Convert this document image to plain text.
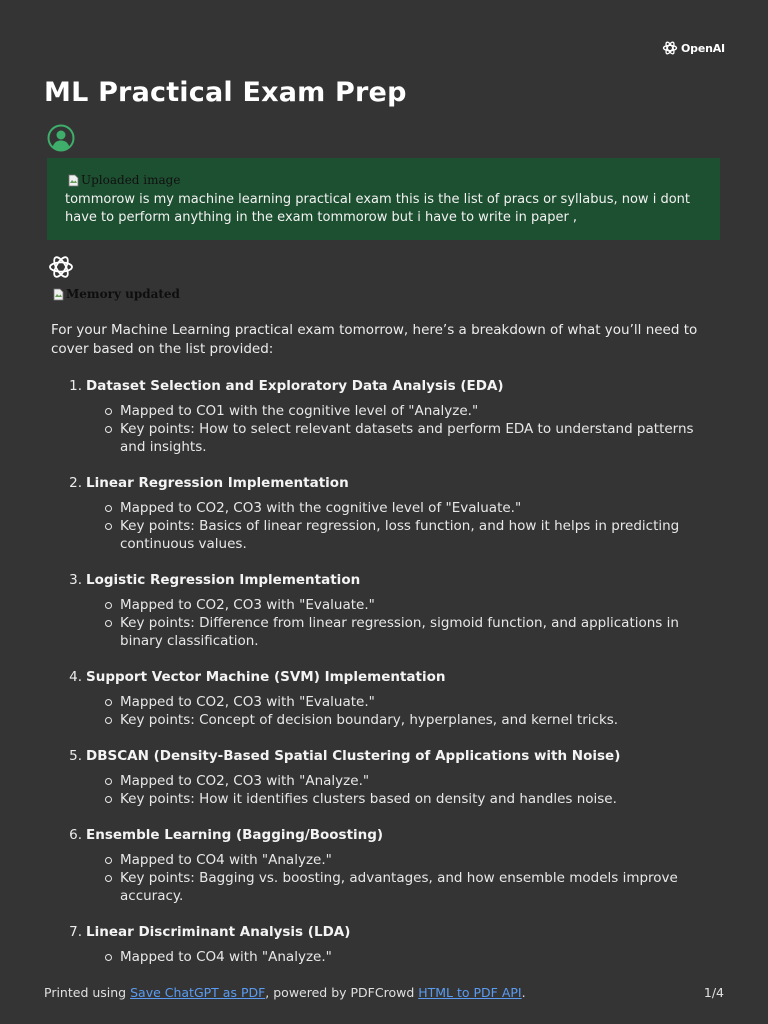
OpenAI
ML Practical Exam Prep
Uploaded image
tommorow is my machine learning practical exam this is the list of pracs or syllabus, now i dont have to perform anything in the exam tommorow but i have to write in paper ,
Memory updated

For your Machine Learning practical exam tomorrow, here’s a breakdown of what you’ll need to cover based on the list provided:

1. Dataset Selection and Exploratory Data Analysis (EDA)
Mapped to CO1 with the cognitive level of "Analyze."
Key points: How to select relevant datasets and perform EDA to understand patterns and insights.
2. Linear Regression Implementation
Mapped to CO2, CO3 with the cognitive level of "Evaluate."
Key points: Basics of linear regression, loss function, and how it helps in predicting continuous values.
3. Logistic Regression Implementation
Mapped to CO2, CO3 with "Evaluate."
Key points: Difference from linear regression, sigmoid function, and applications in binary classification.
4. Support Vector Machine (SVM) Implementation
Mapped to CO2, CO3 with "Evaluate."
Key points: Concept of decision boundary, hyperplanes, and kernel tricks.
5. DBSCAN (Density-Based Spatial Clustering of Applications with Noise)
Mapped to CO2, CO3 with "Analyze."
Key points: How it identifies clusters based on density and handles noise.
6. Ensemble Learning (Bagging/Boosting)
Mapped to CO4 with "Analyze."
Key points: Bagging vs. boosting, advantages, and how ensemble models improve accuracy.
7. Linear Discriminant Analysis (LDA)
Mapped to CO4 with "Analyze."
Printed using Save ChatGPT as PDF, powered by PDFCrowd HTML to PDF API.	1/4
